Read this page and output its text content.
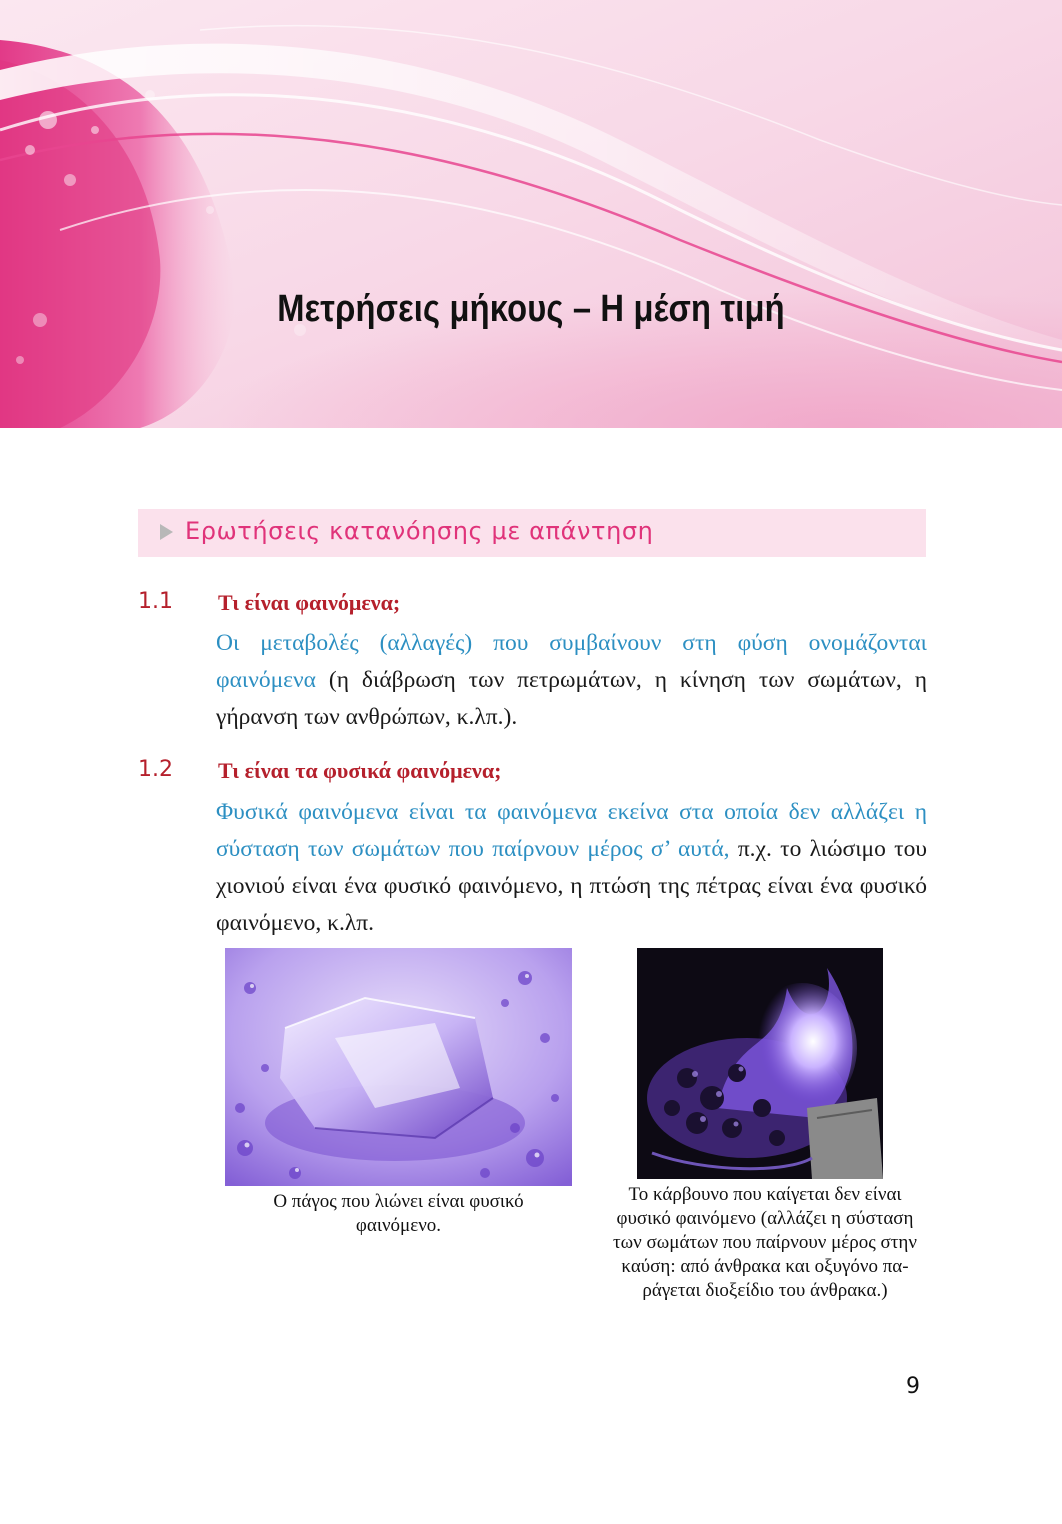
Μετρήσεις μήκους – Η μέση τιμή
Ερωτήσεις κατανόησης με απάντηση
1.1 Τι είναι φαινόμενα;
Οι μεταβολές (αλλαγές) που συμβαίνουν στη φύση ονομάζονται φαινόμενα (η διάβρωση των πετρωμάτων, η κίνηση των σωμάτων, η γήρανση των ανθρώπων, κ.λπ.).
1.2 Τι είναι τα φυσικά φαινόμενα;
Φυσικά φαινόμενα είναι τα φαινόμενα εκείνα στα οποία δεν αλλάζει η σύσταση των σωμάτων που παίρνουν μέρος σ’ αυτά, π.χ. το λιώσιμο του χιονιού είναι ένα φυσικό φαινόμενο, η πτώση της πέτρας είναι ένα φυσικό φαινόμενο, κ.λπ.
Ο πάγος που λιώνει είναι φυσικό
φαινόμενο.
Το κάρβουνο που καίγεται δεν είναι
φυσικό φαινόμενο (αλλάζει η σύσταση
των σωμάτων που παίρνουν μέρος στην
καύση: από άνθρακα και οξυγόνο πα-
ράγεται διοξείδιο του άνθρακα.)
9
